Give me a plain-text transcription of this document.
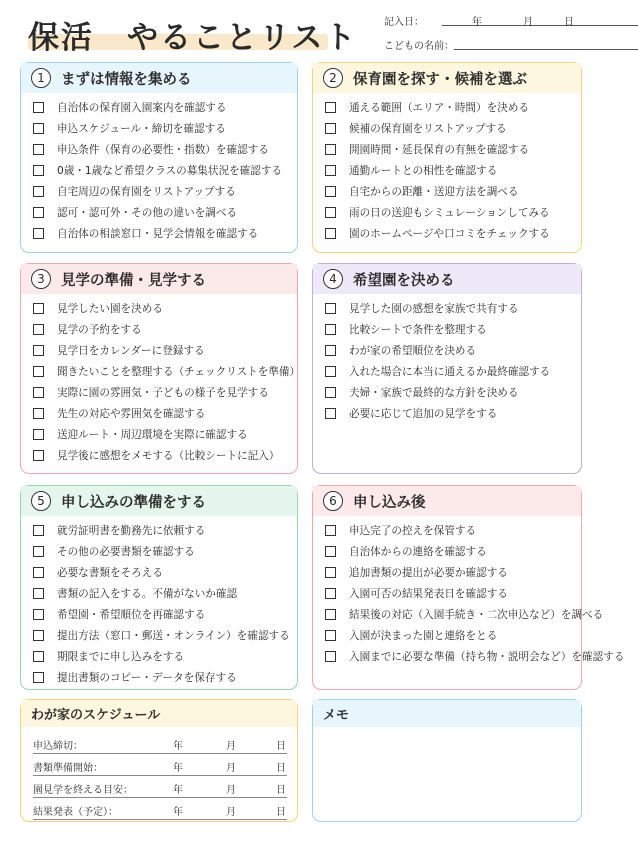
保活　やることリスト	記入日：	年	月	日
こどもの名前：
1	まずは情報を集める
自治体の保育園入園案内を確認する
申込スケジュール・締切を確認する
申込条件（保育の必要性・指数）を確認する
0歳・1歳など希望クラスの募集状況を確認する
自宅周辺の保育園をリストアップする
認可・認可外・その他の違いを調べる
自治体の相談窓口・見学会情報を確認する
2	保育園を探す・候補を選ぶ
通える範囲（エリア・時間）を決める
候補の保育園をリストアップする
開園時間・延長保育の有無を確認する
通勤ルートとの相性を確認する
自宅からの距離・送迎方法を調べる
雨の日の送迎もシミュレーションしてみる
園のホームページや口コミをチェックする
3	見学の準備・見学する
見学したい園を決める
見学の予約をする
見学日をカレンダーに登録する
聞きたいことを整理する（チェックリストを準備）
実際に園の雰囲気・子どもの様子を見学する
先生の対応や雰囲気を確認する
送迎ルート・周辺環境を実際に確認する
見学後に感想をメモする（比較シートに記入）
4	希望園を決める
見学した園の感想を家族で共有する
比較シートで条件を整理する
わが家の希望順位を決める
入れた場合に本当に通えるか最終確認する
夫婦・家族で最終的な方針を決める
必要に応じて追加の見学をする
5	申し込みの準備をする
就労証明書を勤務先に依頼する
その他の必要書類を確認する
必要な書類をそろえる
書類の記入をする。不備がないか確認
希望園・希望順位を再確認する
提出方法（窓口・郵送・オンライン）を確認する
期限までに申し込みをする
提出書類のコピー・データを保存する
6	申し込み後
申込完了の控えを保管する
自治体からの連絡を確認する
追加書類の提出が必要か確認する
入園可否の結果発表日を確認する
結果後の対応（入園手続き・二次申込など）を調べる
入園が決まった園と連絡をとる
入園までに必要な準備（持ち物・説明会など）を確認する
わが家のスケジュール
申込締切：	年	月	日
書類準備開始：	年	月	日
園見学を終える目安：	年	月	日
結果発表（予定）：	年	月	日
メモ
